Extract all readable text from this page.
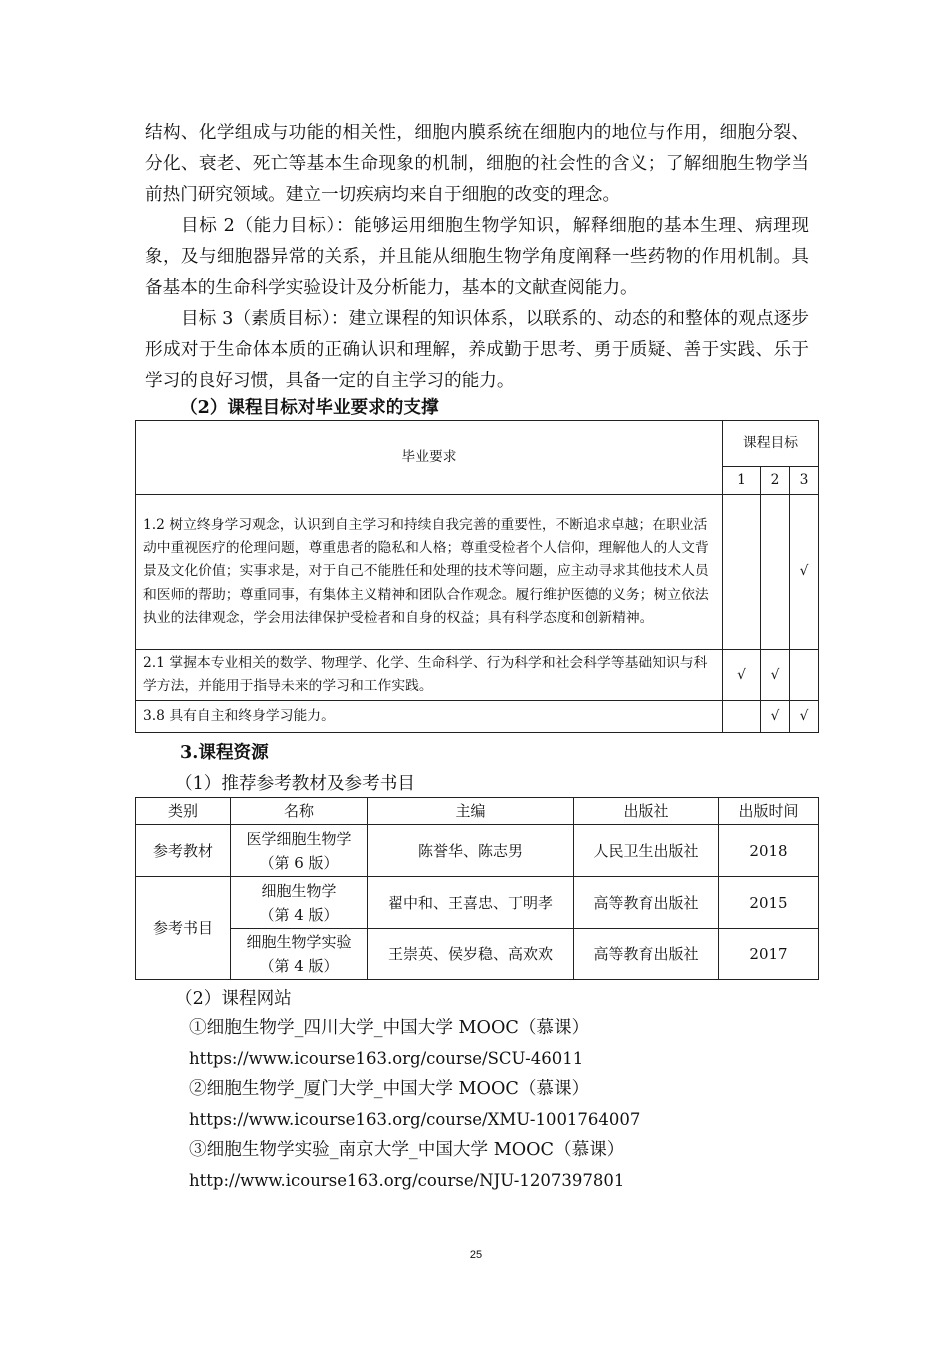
结构、化学组成与功能的相关性，细胞内膜系统在细胞内的地位与作用，细胞分裂、分化、衰老、死亡等基本生命现象的机制，细胞的社会性的含义；了解细胞生物学当前热门研究领域。建立一切疾病均来自于细胞的改变的理念。

目标 2（能力目标）：能够运用细胞生物学知识，解释细胞的基本生理、病理现象，及与细胞器异常的关系，并且能从细胞生物学角度阐释一些药物的作用机制。具备基本的生命科学实验设计及分析能力，基本的文献查阅能力。

目标 3（素质目标）：建立课程的知识体系，以联系的、动态的和整体的观点逐步形成对于生命体本质的正确认识和理解，养成勤于思考、勇于质疑、善于实践、乐于学习的良好习惯，具备一定的自主学习的能力。

（2）课程目标对毕业要求的支撑

毕业要求	课程目标		
	1	2	3
1.2 树立终身学习观念，认识到自主学习和持续自我完善的重要性，不断追求卓越；在职业活动中重视医疗的伦理问题，尊重患者的隐私和人格；尊重受检者个人信仰，理解他人的人文背景及文化价值；实事求是，对于自己不能胜任和处理的技术等问题，应主动寻求其他技术人员和医师的帮助；尊重同事，有集体主义精神和团队合作观念。履行维护医德的义务；树立依法执业的法律观念，学会用法律保护受检者和自身的权益；具有科学态度和创新精神。			√
2.1 掌握本专业相关的数学、物理学、化学、生命科学、行为科学和社会科学等基础知识与科学方法，并能用于指导未来的学习和工作实践。	√	√	
3.8 具有自主和终身学习能力。		√	√

3.课程资源

（1）推荐参考教材及参考书目

类别	名称	主编	出版社	出版时间
参考教材	医学细胞生物学
（第 6 版）	陈誉华、陈志男	人民卫生出版社	2018
参考书目	细胞生物学
（第 4 版）	翟中和、王喜忠、丁明孝	高等教育出版社	2015

	细胞生物学实验
（第 4 版）	王崇英、侯岁稳、高欢欢	高等教育出版社	2017

（2）课程网站

①细胞生物学_四川大学_中国大学 MOOC（慕课）
https://www.icourse163.org/course/SCU-46011
②细胞生物学_厦门大学_中国大学 MOOC（慕课）
https://www.icourse163.org/course/XMU-1001764007
③细胞生物学实验_南京大学_中国大学 MOOC（慕课）
http://www.icourse163.org/course/NJU-1207397801
25
